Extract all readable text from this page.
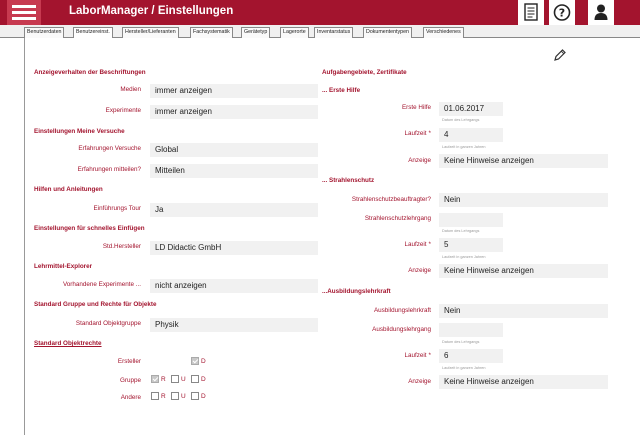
LaborManager / Einstellungen	?
Benutzerdaten	Benutzereinst.	Hersteller/Lieferanten	Fachsystematik	Gerätetyp	Lagerorte	Inventarstatus	Dokumententypen	Verschiedenes
Anzeigeverhalten der Beschriftungen
Medien	immer anzeigen
Experimente	immer anzeigen
Einstellungen Meine Versuche
Erfahrungen Versuche	Global
Erfahrungen mitteilen?	Mitteilen
Hilfen und Anleitungen
Einführungs Tour	Ja
Einstellungen für schnelles Einfügen
Std.Hersteller	LD Didactic GmbH
Lehrmittel-Explorer
Vorhandene Experimente ...	nicht anzeigen
Standard Gruppe und Rechte für Objekte
Standard Objektgruppe	Physik
Standard Objektrechte
Ersteller	D
Gruppe	R U D
Andere	R U D
Aufgabengebiete, Zertifikate
... Erste Hilfe
Erste Hilfe	01.06.2017
Datum des Lehrgangs
Laufzeit *	4
Laufzeit in ganzen Jahren
Anzeige	Keine Hinweise anzeigen
... Strahlenschutz
Strahlenschutzbeauftragter?	Nein
Strahlenschutzlehrgang
Datum des Lehrgangs
Laufzeit *	5
Laufzeit in ganzen Jahren
Anzeige	Keine Hinweise anzeigen
...Ausbildungslehrkraft
Ausbildungslehrkraft	Nein
Ausbildungslehrgang
Datum des Lehrgangs
Laufzeit *	6
Laufzeit in ganzen Jahren
Anzeige	Keine Hinweise anzeigen
